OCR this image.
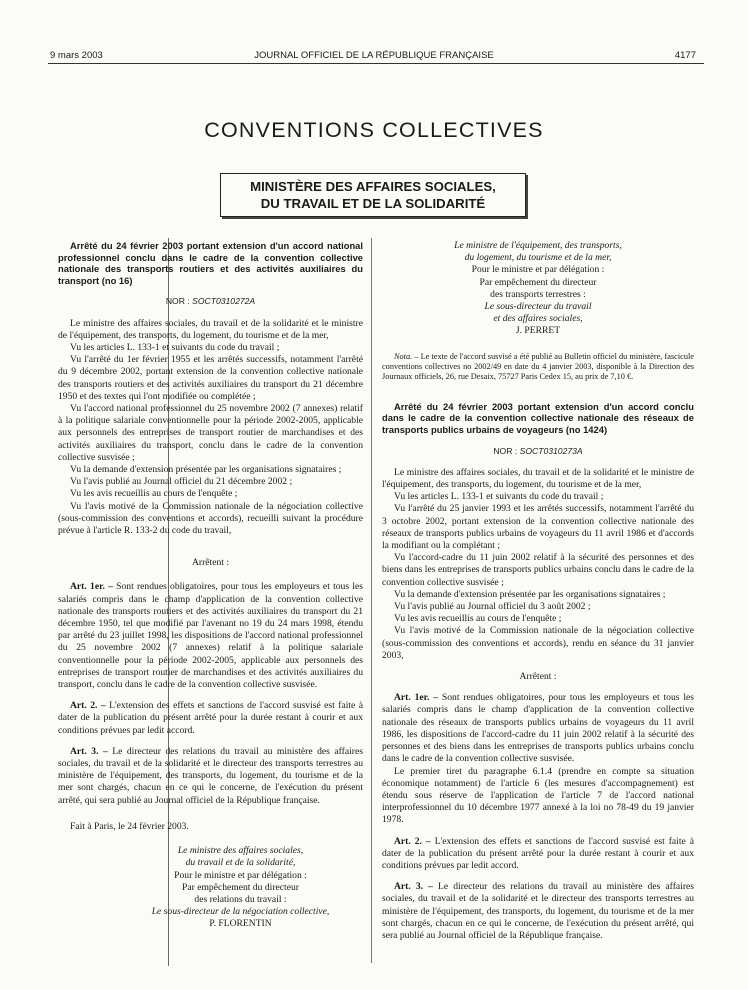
9 mars 2003	JOURNAL OFFICIEL DE LA RÉPUBLIQUE FRANÇAISE	4177
CONVENTIONS COLLECTIVES
MINISTÈRE DES AFFAIRES SOCIALES,
DU TRAVAIL ET DE LA SOLIDARITÉ

Arrêté du 24 février 2003 portant extension d'un accord national professionnel conclu dans le cadre de la convention collective nationale des transports routiers et des activités auxiliaires du transport (no 16)

NOR : SOCT0310272A

Le ministre des affaires sociales, du travail et de la solidarité et le ministre de l'équipement, des transports, du logement, du tourisme et de la mer,

Vu les articles L. 133-1 et suivants du code du travail ;

Vu l'arrêté du 1er février 1955 et les arrêtés successifs, notamment l'arrêté du 9 décembre 2002, portant extension de la convention collective nationale des transports routiers et des activités auxiliaires du transport du 21 décembre 1950 et des textes qui l'ont modifiée ou complétée ;

Vu l'accord national professionnel du 25 novembre 2002 (7 annexes) relatif à la politique salariale conventionnelle pour la période 2002-2005, applicable aux personnels des entreprises de transport routier de marchandises et des activités auxiliaires du transport, conclu dans le cadre de la convention collective susvisée ;

Vu la demande d'extension présentée par les organisations signataires ;

Vu l'avis publié au Journal officiel du 21 décembre 2002 ;

Vu les avis recueillis au cours de l'enquête ;

Vu l'avis motivé de la Commission nationale de la négociation collective (sous-commission des conventions et accords), recueilli suivant la procédure prévue à l'article R. 133-2 du code du travail,

Arrêtent :

Art. 1er. – Sont rendues obligatoires, pour tous les employeurs et tous les salariés compris dans le champ d'application de la convention collective nationale des transports routiers et des activités auxiliaires du transport du 21 décembre 1950, tel que modifié par l'avenant no 19 du 24 mars 1998, étendu par arrêté du 23 juillet 1998, les dispositions de l'accord national professionnel du 25 novembre 2002 (7 annexes) relatif à la politique salariale conventionnelle pour la période 2002-2005, applicable aux personnels des entreprises de transport routier de marchandises et des activités auxiliaires du transport, conclu dans le cadre de la convention collective susvisée.

Art. 2. – L'extension des effets et sanctions de l'accord susvisé est faite à dater de la publication du présent arrêté pour la durée restant à courir et aux conditions prévues par ledit accord.

Art. 3. – Le directeur des relations du travail au ministère des affaires sociales, du travail et de la solidarité et le directeur des transports terrestres au ministère de l'équipement, des transports, du logement, du tourisme et de la mer sont chargés, chacun en ce qui le concerne, de l'exécution du présent arrêté, qui sera publié au Journal officiel de la République française.

Fait à Paris, le 24 février 2003.

Le ministre des affaires sociales,

du travail et de la solidarité,

Pour le ministre et par délégation :

Par empêchement du directeur

des relations du travail :

Le sous-directeur de la négociation collective,

P. FLORENTIN

Le ministre de l'équipement, des transports,

du logement, du tourisme et de la mer,

Pour le ministre et par délégation :

Par empêchement du directeur

des transports terrestres :

Le sous-directeur du travail

et des affaires sociales,

J. PERRET

Nota. – Le texte de l'accord susvisé a été publié au Bulletin officiel du ministère, fascicule conventions collectives no 2002/49 en date du 4 janvier 2003, disponible à la Direction des Journaux officiels, 26, rue Desaix, 75727 Paris Cedex 15, au prix de 7,10 €.

Arrêté du 24 février 2003 portant extension d'un accord conclu dans le cadre de la convention collective nationale des réseaux de transports publics urbains de voyageurs (no 1424)

NOR : SOCT0310273A

Le ministre des affaires sociales, du travail et de la solidarité et le ministre de l'équipement, des transports, du logement, du tourisme et de la mer,

Vu les articles L. 133-1 et suivants du code du travail ;

Vu l'arrêté du 25 janvier 1993 et les arrêtés successifs, notamment l'arrêté du 3 octobre 2002, portant extension de la convention collective nationale des réseaux de transports publics urbains de voyageurs du 11 avril 1986 et d'accords la modifiant ou la complétant ;

Vu l'accord-cadre du 11 juin 2002 relatif à la sécurité des personnes et des biens dans les entreprises de transports publics urbains conclu dans le cadre de la convention collective susvisée ;

Vu la demande d'extension présentée par les organisations signataires ;

Vu l'avis publié au Journal officiel du 3 août 2002 ;

Vu les avis recueillis au cours de l'enquête ;

Vu l'avis motivé de la Commission nationale de la négociation collective (sous-commission des conventions et accords), rendu en séance du 31 janvier 2003,

Arrêtent :

Art. 1er. – Sont rendues obligatoires, pour tous les employeurs et tous les salariés compris dans le champ d'application de la convention collective nationale des réseaux de transports publics urbains de voyageurs du 11 avril 1986, les dispositions de l'accord-cadre du 11 juin 2002 relatif à la sécurité des personnes et des biens dans les entreprises de transports publics urbains conclu dans le cadre de la convention collective susvisée.

Le premier tiret du paragraphe 6.1.4 (prendre en compte sa situation économique notamment) de l'article 6 (les mesures d'accompagnement) est étendu sous réserve de l'application de l'article 7 de l'accord national interprofessionnel du 10 décembre 1977 annexé à la loi no 78-49 du 19 janvier 1978.

Art. 2. – L'extension des effets et sanctions de l'accord susvisé est faite à dater de la publication du présent arrêté pour la durée restant à courir et aux conditions prévues par ledit accord.

Art. 3. – Le directeur des relations du travail au ministère des affaires sociales, du travail et de la solidarité et le directeur des transports terrestres au ministère de l'équipement, des transports, du logement, du tourisme et de la mer sont chargés, chacun en ce qui le concerne, de l'exécution du présent arrêté, qui sera publié au Journal officiel de la République française.
